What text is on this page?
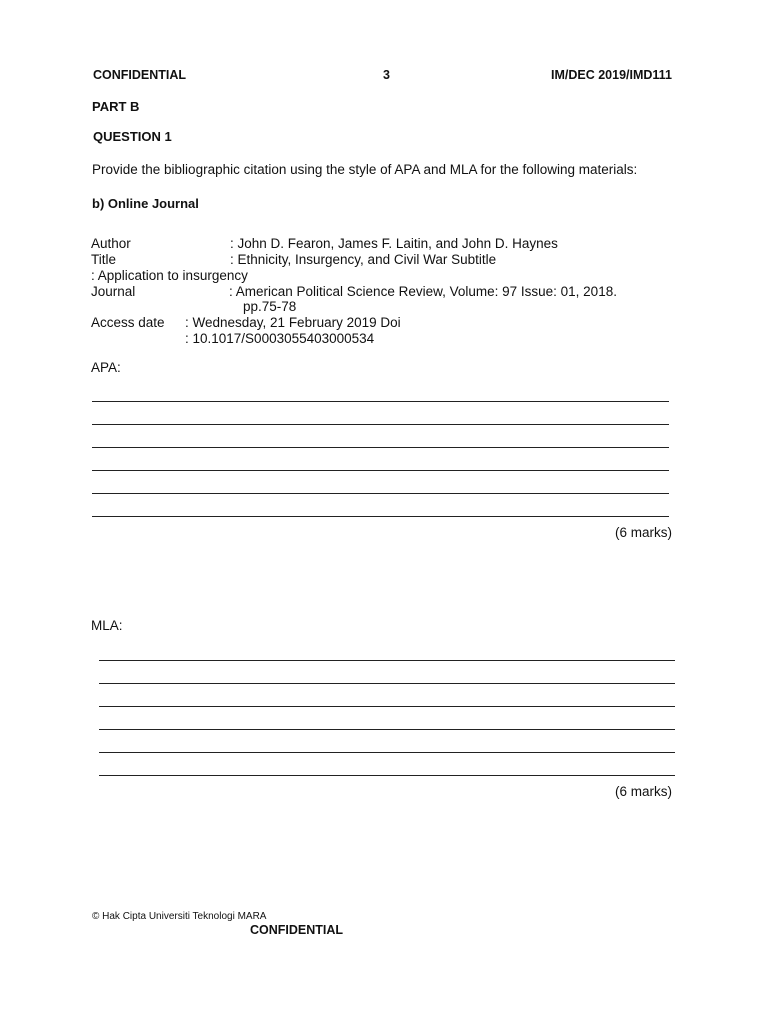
CONFIDENTIAL	3	IM/DEC 2019/IMD111
PART B
QUESTION 1
Provide the bibliographic citation using the style of APA and MLA for the following materials:
b) Online Journal
Author	: John D. Fearon, James F. Laitin, and John D. Haynes
Title	: Ethnicity, Insurgency, and Civil War Subtitle
: Application to insurgency
Journal	: American Political Science Review, Volume: 97 Issue: 01, 2018.
pp.75-78
Access date : Wednesday, 21 February 2019 Doi
: 10.1017/S0003055403000534
APA:
(6 marks)
MLA:
(6 marks)
© Hak Cipta Universiti Teknologi MARA
CONFIDENTIAL
